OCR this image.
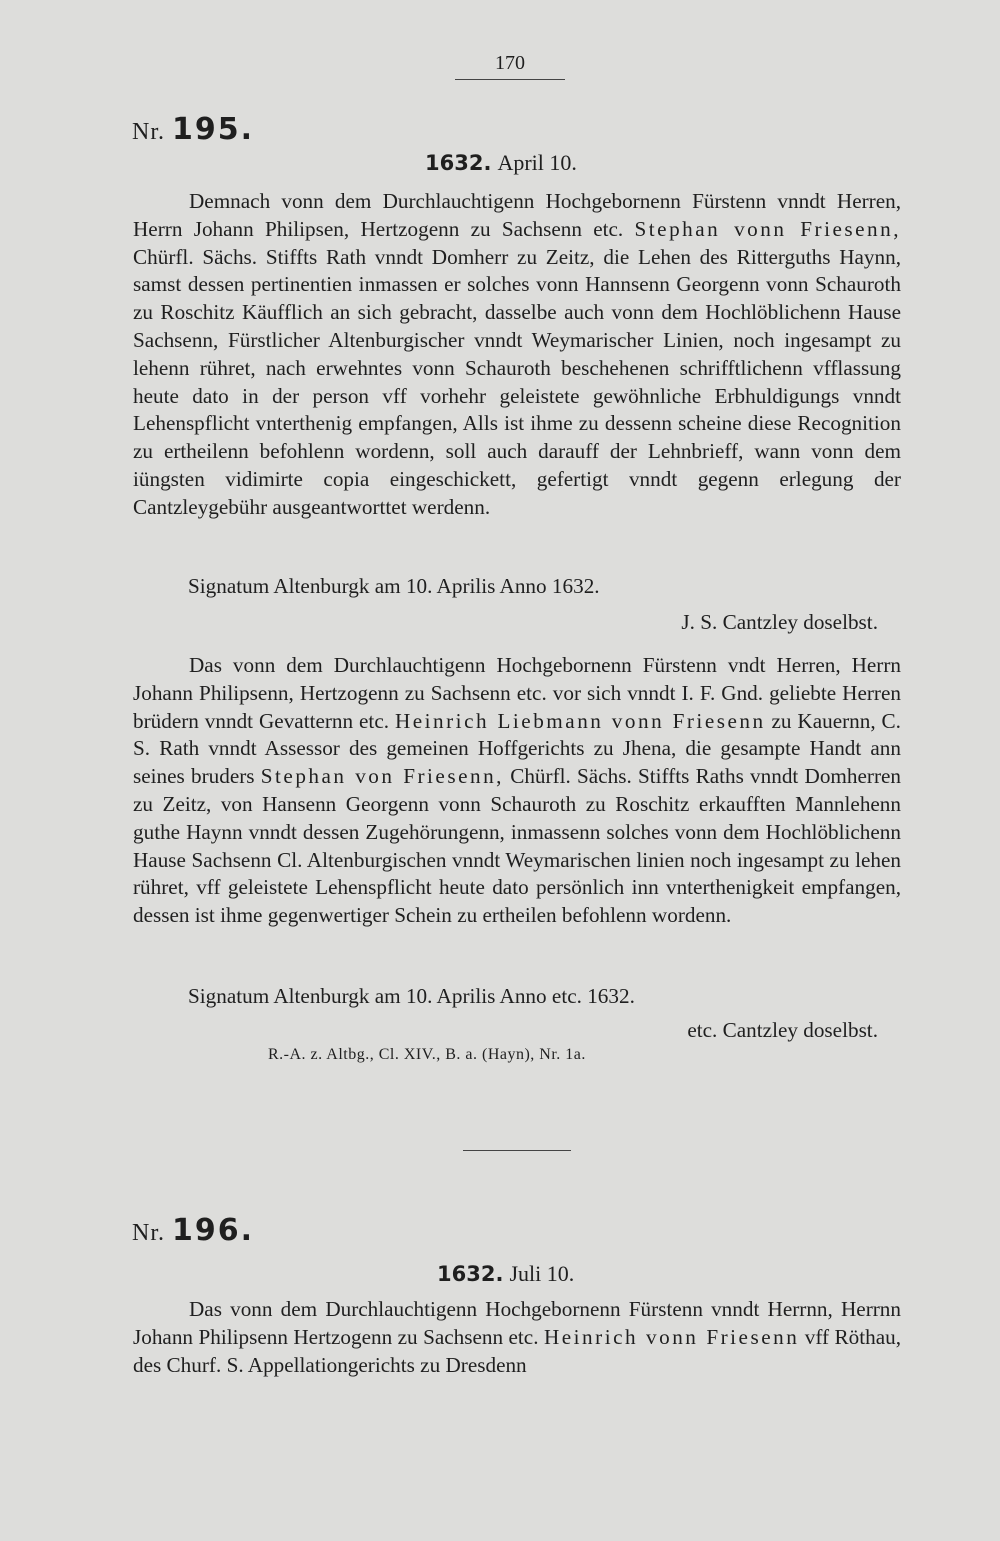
170
Nr. 195.
1632. April 10.

Demnach vonn dem Durchlauchtigenn Hochgebornenn Fürstenn vnndt Herren, Herrn Johann Philipsen, Hertzogenn zu Sachsenn etc. Stephan vonn Friesenn, Chürfl. Sächs. Stiffts Rath vnndt Domherr zu Zeitz, die Lehen des Ritterguths Haynn, samst dessen pertinentien inmassen er solches vonn Hannsenn Georgenn vonn Schauroth zu Roschitz Käufflich an sich gebracht, dasselbe auch vonn dem Hochlöblichenn Hause Sachsenn, Fürstlicher Altenburgischer vnndt Weymarischer Linien, noch ingesampt zu lehenn rühret, nach erwehntes vonn Schauroth beschehenen schrifftlichenn vfflassung heute dato in der person vff vorhehr geleistete gewöhnliche Erbhuldigungs vnndt Lehenspflicht vnterthenig empfangen, Alls ist ihme zu dessenn scheine diese Recognition zu ertheilenn befohlenn wordenn, soll auch darauff der Lehnbrieff, wann vonn dem iüngsten vidimirte copia eingeschickett, gefertigt vnndt gegenn erlegung der Cantzleygebühr ausgeantworttet werdenn.

Signatum Altenburgk am 10. Aprilis Anno 1632.
J. S. Cantzley doselbst.

Das vonn dem Durchlauchtigenn Hochgebornenn Fürstenn vndt Herren, Herrn Johann Philipsenn, Hertzogenn zu Sachsenn etc. vor sich vnndt I. F. Gnd. geliebte Herren brüdern vnndt Gevatternn etc. Heinrich Liebmann vonn Friesenn zu Kauernn, C. S. Rath vnndt Assessor des gemeinen Hoffgerichts zu Jhena, die gesampte Handt ann seines bruders Stephan von Friesenn, Chürfl. Sächs. Stiffts Raths vnndt Domherren zu Zeitz, von Hansenn Georgenn vonn Schauroth zu Roschitz erkaufften Mannlehenn guthe Haynn vnndt dessen Zugehörungenn, inmassenn solches vonn dem Hochlöblichenn Hause Sachsenn Cl. Altenburgischen vnndt Weymarischen linien noch ingesampt zu lehen rühret, vff geleistete Lehenspflicht heute dato persönlich inn vnterthenigkeit empfangen, dessen ist ihme gegenwertiger Schein zu ertheilen befohlenn wordenn.

Signatum Altenburgk am 10. Aprilis Anno etc. 1632.
etc. Cantzley doselbst.
R.-A. z. Altbg., Cl. XIV., B. a. (Hayn), Nr. 1a.
Nr. 196.
1632. Juli 10.

Das vonn dem Durchlauchtigenn Hochgebornenn Fürstenn vnndt Herrnn, Herrnn Johann Philipsenn Hertzogenn zu Sachsenn etc. Heinrich vonn Friesenn vff Röthau, des Churf. S. Appellationgerichts zu Dresdenn
